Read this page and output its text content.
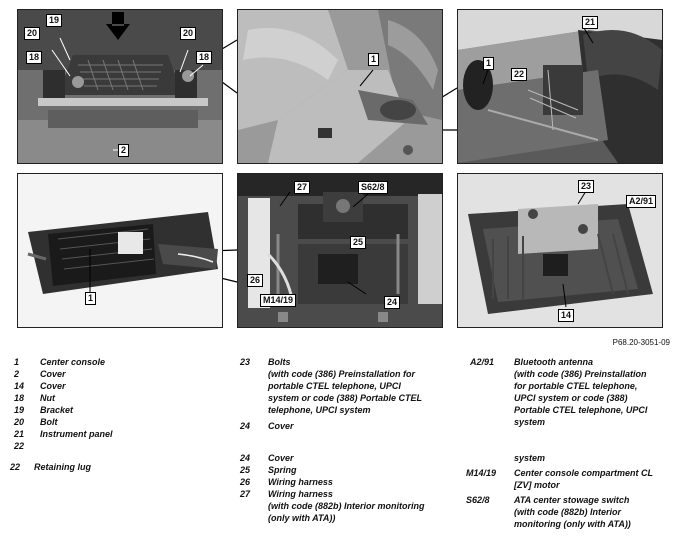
19
20	20
18	18
2
1
21
1
22
1
27	S62/8
25
26
M14/19	24
23
A2/91
14
P68.20-3051-09
1	Center console
2	Cover
14	Cover
18	Nut
19	Bracket
20	Bolt
21	Instrument panel
22
22	Retaining lug
23	Bolts
(with code (386) Preinstallation for
portable CTEL telephone, UPCI
system or code (388) Portable CTEL
telephone, UPCI system
24	Cover
24	Cover
25	Spring
26	Wiring harness
27	Wiring harness
(with code (882b) Interior monitoring
(only with ATA))
A2/91	Bluetooth antenna
(with code (386) Preinstallation
for portable CTEL telephone,
UPCI system or code (388)
Portable CTEL telephone, UPCI
system
system
M14/19	Center console compartment CL
[ZV] motor
S62/8	ATA center stowage switch
(with code (882b) Interior
monitoring (only with ATA))
